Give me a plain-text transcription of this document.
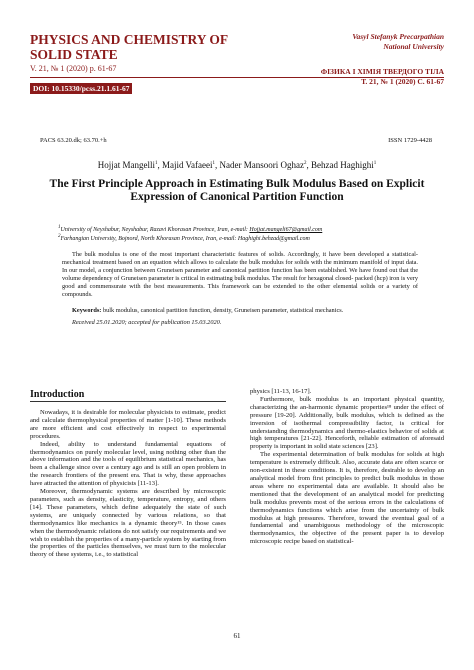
PHYSICS AND CHEMISTRY OF SOLID STATE
V. 21, № 1 (2020) p. 61-67
DOI: 10.15330/pcss.21.1.61-67
Vasyl Stefanyk Precarpathian
National University
ФІЗИКА І ХІМІЯ ТВЕРДОГО ТІЛА
Т. 21, № 1 (2020) С. 61-67
PACS 63.20.dk; 63.70.+h	ISSN 1729-4428
Hojjat Mangelli$^1$, Majid Vafaeei$^1$, Nader Mansoori Oghaz$^2$, Behzad Haghighi$^1$
The First Principle Approach in Estimating Bulk Modulus Based on Explicit Expression of Canonical Partition Function
$^1$University of Neyshabur, Neyshabur, Razavi Khorasan Province, Iran, e-mail: Hojjat.mangeli67@gmail.com
$^2$Farhangian University, Bojnord, North Khorasan Province, Iran, e-mail: Haghighi.behzad@gmail.com
The bulk modulus is one of the most important characteristic features of solids. Accordingly, it have been developed a statistical-mechanical treatment based on an equation which allows to calculate the bulk modulus for solids with the minimum manifold of input data. In our model, a conjunction between Gruneisen parameter and canonical partition function has been established. We have found out that the volume dependency of Gruneisen parameter is critical in estimating bulk modulus. The result for hexagonal closed- packed (hcp) iron is very good and commensurate with the best measurements. This framework can be extended to the other elemental solids or a variety of compounds.
Keywords: bulk modulus, canonical partition function, density, Gruneisen parameter, statistical mechanics.
Received 25.01.2020; accepted for publication 15.03.2020.
Introduction

Nowadays, it is desirable for molecular physicists to estimate, predict and calculate thermophysical properties of matter [1-10]. These methods are more efficient and cost effectively in respect to experimental procedures.

Indeed, ability to understand fundamental equations of thermodynamics on purely molecular level, using nothing other than the above information and the tools of equilibrium statistical mechanics, has been a challenge since over a century ago and is still an open problem in the research frontiers of the present era. That is why, these approaches have attracted the attention of physicists [11-13].

Moreover, thermodynamic systems are described by microscopic parameters, such as density, elasticity, temperature, entropy, and others [14]. These parameters, which define adequately the state of such systems, are uniquely connected by various relations, so that thermodynamics like mechanics is a dynamic theory¹⁵. In those cases when the thermodynamic relations do not satisfy our requirements and we wish to establish the properties of a many-particle system by starting from the properties of the particles themselves, we must turn to the molecular theory of these systems, i.e., to statistical

physics [11-13, 16-17].

Furthermore, bulk modulus is an important physical quantity, characterizing the an-harmonic dynamic properties¹⁸ under the effect of pressure [19-20]. Additionally, bulk modulus, which is defined as the inversion of isothermal compressibility factor, is critical for understanding thermodynamics and thermo-elastics behavior of solids at high temperatures [21-22]. Henceforth, reliable estimation of aforesaid property is important in solid state sciences [23].

The experimental determination of bulk modulus for solids at high temperature is extremely difficult. Also, accurate data are often scarce or non-existent in these conditions. It is, therefore, desirable to develop an analytical model from first principles to predict bulk modulus in those areas where no experimental data are available. It should also be mentioned that the development of an analytical model for predicting bulk modulus prevents most of the serious errors in the calculations of thermodynamics functions which arise from the uncertainty of bulk modulus at high pressures. Therefore, toward the eventual goal of a fundamental and unambiguous methodology of the microscopic thermodynamics, the objective of the present paper is to develop microscopic recipe based on statistical-

61
